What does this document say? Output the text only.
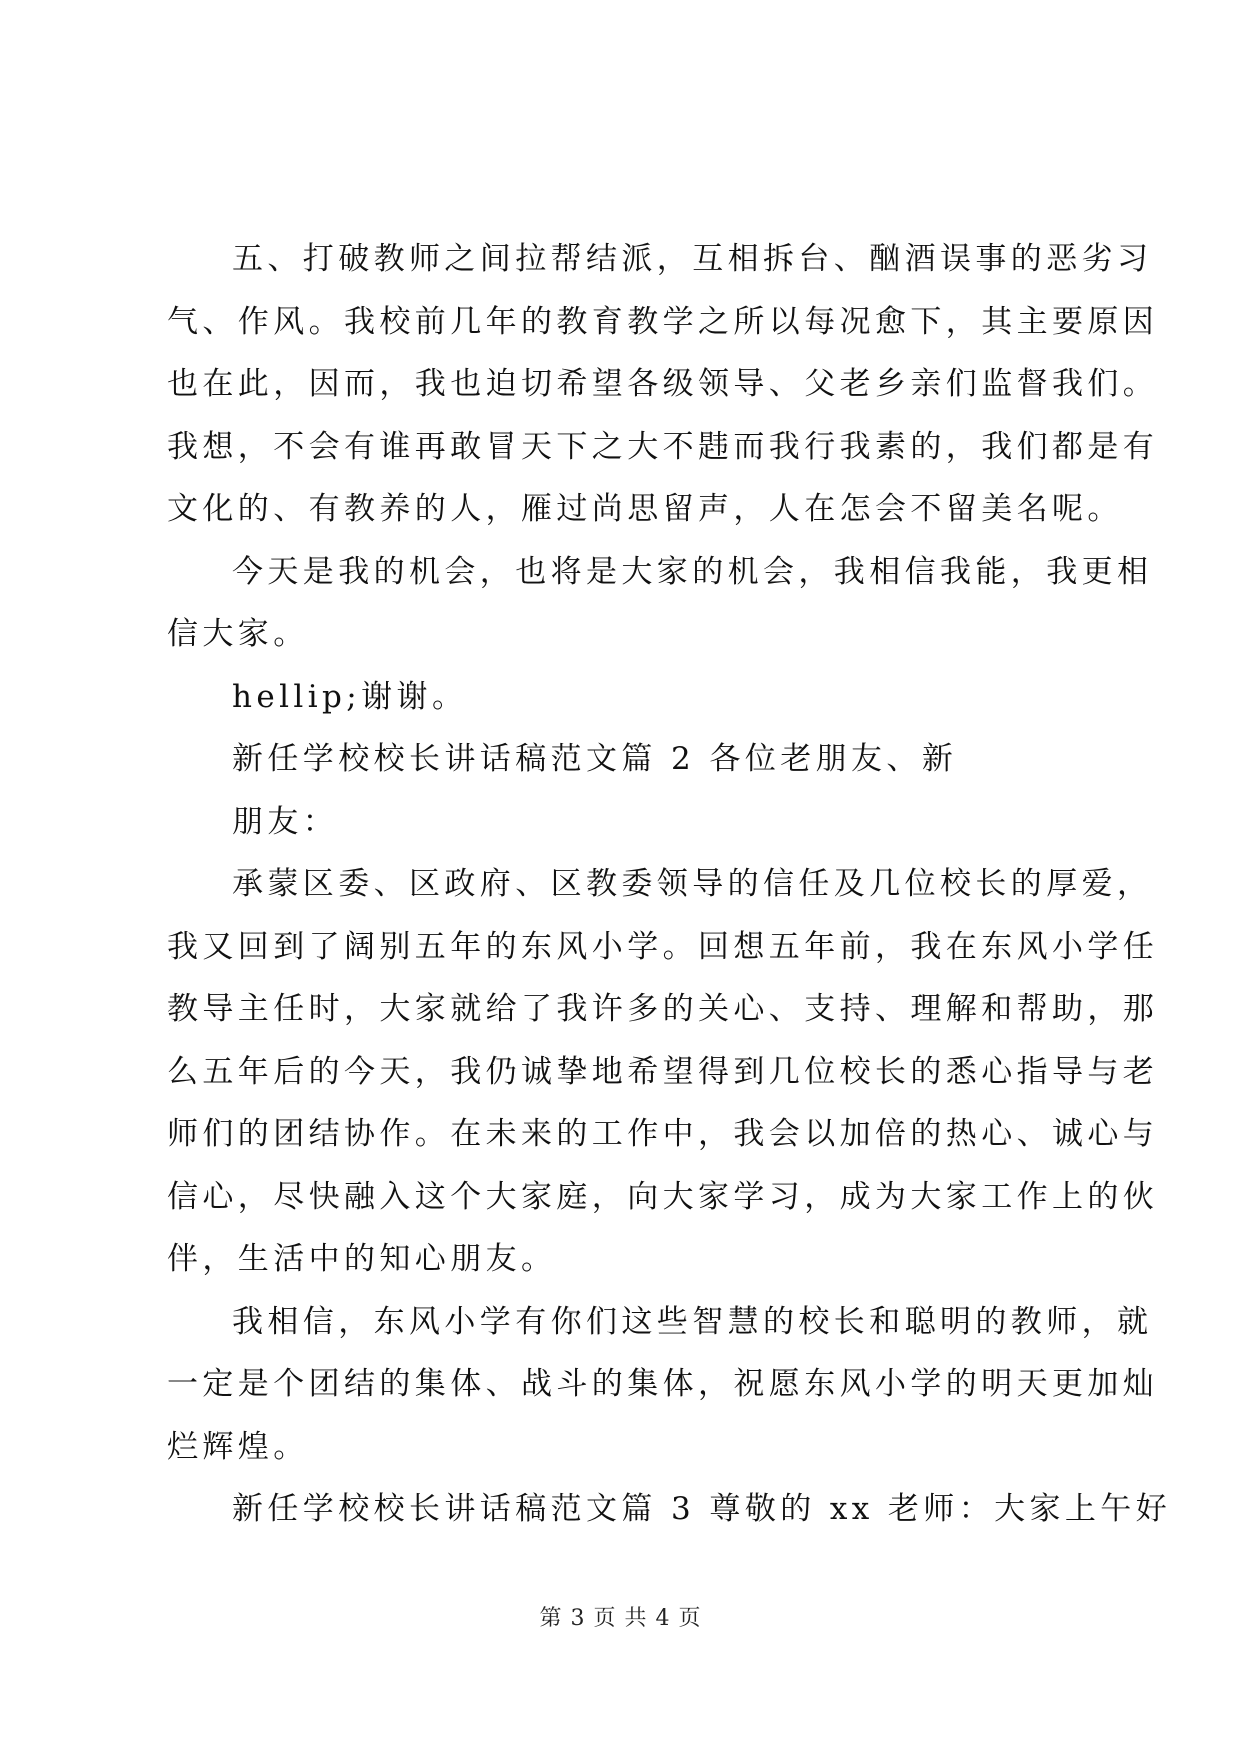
五、打破教师之间拉帮结派，互相拆台、酗酒误事的恶劣习
气、作风。我校前几年的教育教学之所以每况愈下，其主要原因
也在此，因而，我也迫切希望各级领导、父老乡亲们监督我们。
我想，不会有谁再敢冒天下之大不韪而我行我素的，我们都是有
文化的、有教养的人，雁过尚思留声，人在怎会不留美名呢。
今天是我的机会，也将是大家的机会，我相信我能，我更相
信大家。
hellip;谢谢。
新任学校校长讲话稿范文篇 2 各位老朋友、新
朋友：
承蒙区委、区政府、区教委领导的信任及几位校长的厚爱，
我又回到了阔别五年的东风小学。回想五年前，我在东风小学任
教导主任时，大家就给了我许多的关心、支持、理解和帮助，那
么五年后的今天，我仍诚挚地希望得到几位校长的悉心指导与老
师们的团结协作。在未来的工作中，我会以加倍的热心、诚心与
信心，尽快融入这个大家庭，向大家学习，成为大家工作上的伙
伴，生活中的知心朋友。
我相信，东风小学有你们这些智慧的校长和聪明的教师，就
一定是个团结的集体、战斗的集体，祝愿东风小学的明天更加灿
烂辉煌。
新任学校校长讲话稿范文篇 3 尊敬的 xx 老师：大家上午好
第 3 页 共 4 页
